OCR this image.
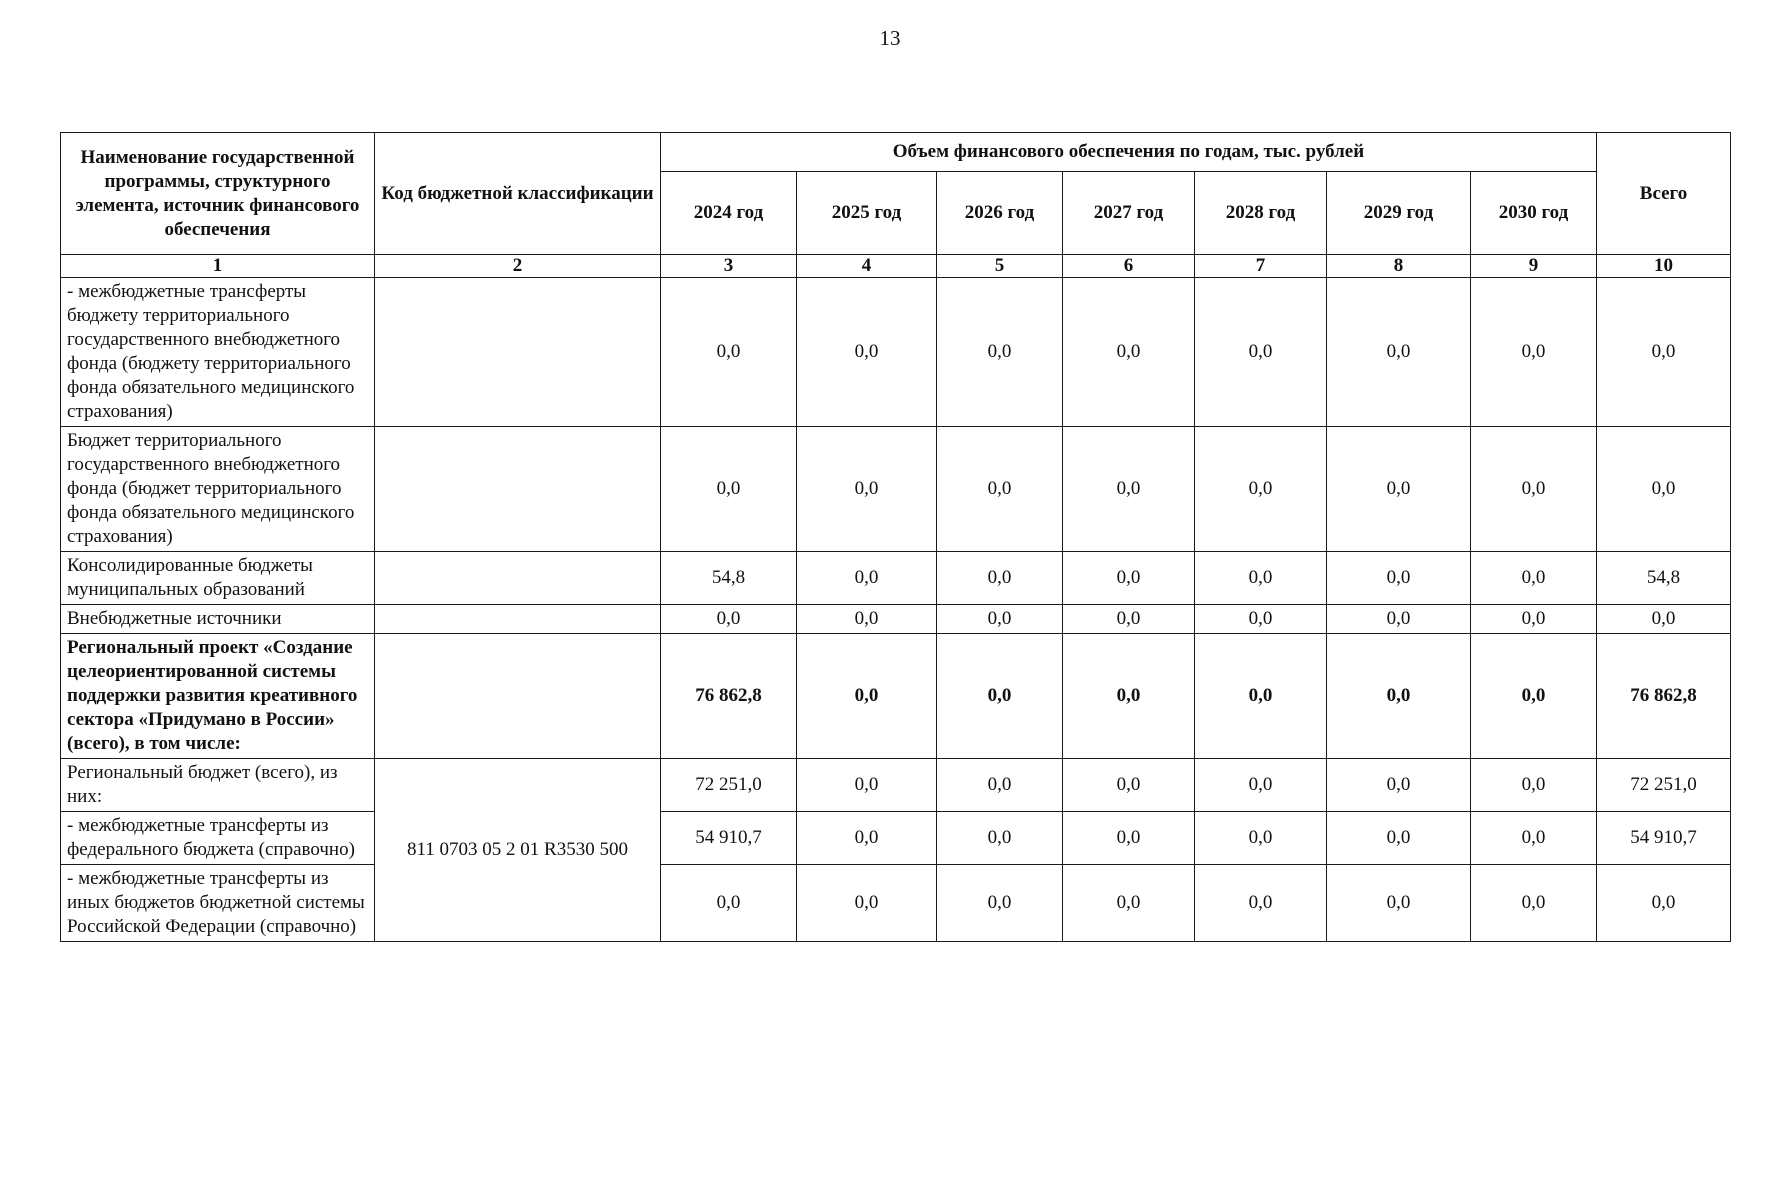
13
Наименование государственной программы, структурного элемента, источник финансового обеспечения	Код бюджетной классификации	Объем финансового обеспечения по годам, тыс. рублей							Всего
		2024 год	2025 год	2026 год	2027 год	2028 год	2029 год	2030 год	
1	2	3	4	5	6	7	8	9	10
- межбюджетные трансферты бюджету территориального государственного внебюджетного фонда (бюджету территориального фонда обязательного медицинского страхования)		0,0	0,0	0,0	0,0	0,0	0,0	0,0	0,0
Бюджет территориального государственного внебюджетного фонда (бюджет территориального фонда обязательного медицинского страхования)		0,0	0,0	0,0	0,0	0,0	0,0	0,0	0,0
Консолидированные бюджеты муниципальных образований		54,8	0,0	0,0	0,0	0,0	0,0	0,0	54,8
Внебюджетные источники		0,0	0,0	0,0	0,0	0,0	0,0	0,0	0,0
Региональный проект «Создание целеориентированной системы поддержки развития креативного сектора «Придумано в России» (всего), в том числе:		76 862,8	0,0	0,0	0,0	0,0	0,0	0,0	76 862,8
Региональный бюджет (всего), из них:	811 0703 05 2 01 R3530 500	72 251,0	0,0	0,0	0,0	0,0	0,0	0,0	72 251,0
- межбюджетные трансферты из федерального бюджета (справочно)		54 910,7	0,0	0,0	0,0	0,0	0,0	0,0	54 910,7
- межбюджетные трансферты из иных бюджетов бюджетной системы Российской Федерации (справочно)		0,0	0,0	0,0	0,0	0,0	0,0	0,0	0,0
